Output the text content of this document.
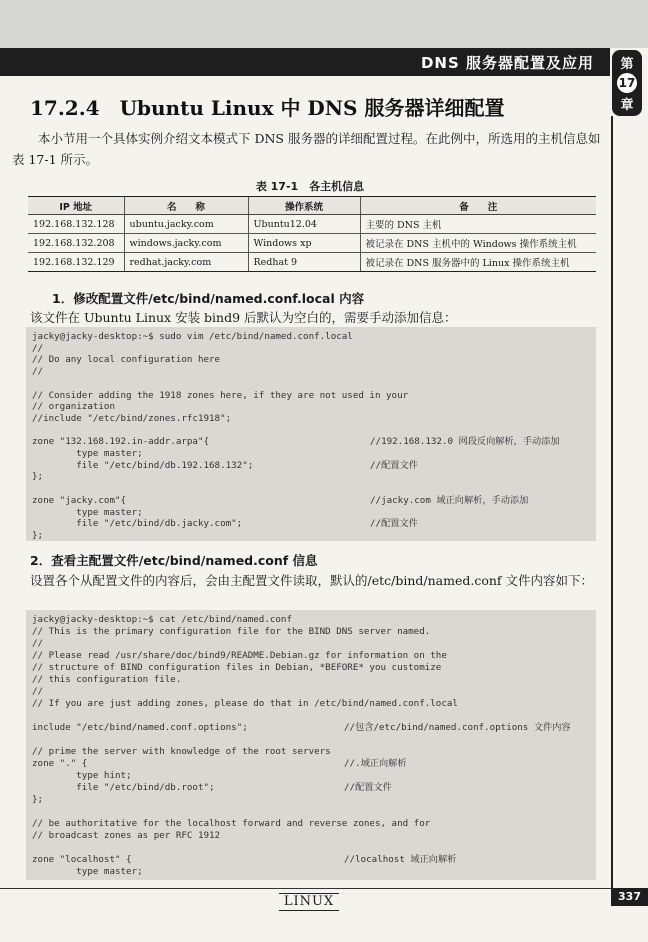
DNS 服务器配置及应用 第
17
章
17.2.4　Ubuntu Linux 中 DNS 服务器详细配置

本小节用一个具体实例介绍文本模式下 DNS 服务器的详细配置过程。在此例中，所选用的主机信息如表 17-1 所示。

表 17-1　各主机信息
IP 地址	名　　称	操作系统	备　　注
192.168.132.128	ubuntu.jacky.com	Ubuntu12.04	主要的 DNS 主机
192.168.132.208	windows.jacky.com	Windows xp	被记录在 DNS 主机中的 Windows 操作系统主机
192.168.132.129	redhat.jacky.com	Redhat 9	被记录在 DNS 服务器中的 Linux 操作系统主机
1．修改配置文件/etc/bind/named.conf.local 内容

该文件在 Ubuntu Linux 安装 bind9 后默认为空白的，需要手动添加信息：

jacky@jacky-desktop:~$ sudo vim /etc/bind/named.conf.local
//
// Do any local configuration here
//
// Consider adding the 1918 zones here, if they are not used in your
// organization
//include "/etc/bind/zones.rfc1918";
zone "132.168.192.in-addr.arpa"{
type master;
file "/etc/bind/db.192.168.132";
};
zone "jacky.com"{
type master;
file "/etc/bind/db.jacky.com";
};
//192.168.132.0 网段反向解析，手动添加
//配置文件
//jacky.com 域正向解析，手动添加
//配置文件
2．查看主配置文件/etc/bind/named.conf 信息

设置各个从配置文件的内容后，会由主配置文件读取，默认的/etc/bind/named.conf 文件内容如下：

jacky@jacky-desktop:~$ cat /etc/bind/named.conf
// This is the primary configuration file for the BIND DNS server named.
//
// Please read /usr/share/doc/bind9/README.Debian.gz for information on the
// structure of BIND configuration files in Debian, *BEFORE* you customize
// this configuration file.
//
// If you are just adding zones, please do that in /etc/bind/named.conf.local
include "/etc/bind/named.conf.options";
// prime the server with knowledge of the root servers
zone "." {
type hint;
file "/etc/bind/db.root";
};
// be authoritative for the localhost forward and reverse zones, and for
// broadcast zones as per RFC 1912
zone "localhost" {
type master;
//包含/etc/bind/named.conf.options 文件内容
//.域正向解析
//配置文件
//localhost 域正向解析
LINUX	337
